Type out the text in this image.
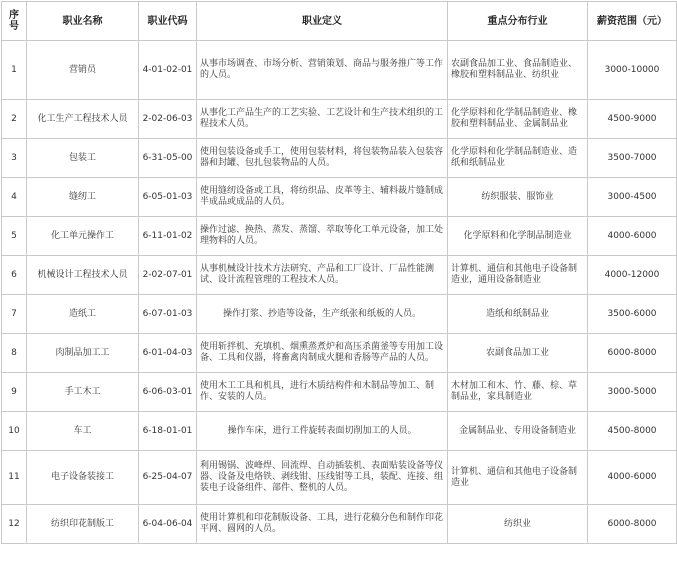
序号	职业名称	职业代码	职业定义	重点分布行业	薪资范围（元）
1	营销员	4-01-02-01	从事市场调查、市场分析、营销策划、商品与服务推广等工作的人员。	农副食品加工业、食品制造业、橡胶和塑料制品业、纺织业	3000-10000
2	化工生产工程技术人员	2-02-06-03	从事化工产品生产的工艺实验、工艺设计和生产技术组织的工程技术人员。	化学原料和化学制品制造业、橡胶和塑料制品业、金属制品业	4500-9000
3	包装工	6-31-05-00	使用包装设备或手工，使用包装材料，将包装物品装入包装容器和封罐、包扎包装物品的人员。	化学原料和化学制品制造业、造纸和纸制品业	3500-7000
4	缝纫工	6-05-01-03	使用缝纫设备或工具，将纺织品、皮革等主、辅料裁片缝制成半成品或成品的人员。	纺织服装、服饰业	3000-4500
5	化工单元操作工	6-11-01-02	操作过滤、换热、蒸发、蒸馏、萃取等化工单元设备，加工处理物料的人员。	化学原料和化学制品制造业	4000-6000
6	机械设计工程技术人员	2-02-07-01	从事机械设计技术方法研究、产品和工厂设计、厂品性能测试、设计流程管理的工程技术人员。	计算机、通信和其他电子设备制造业，通用设备制造业	4000-12000
7	造纸工	6-07-01-03	操作打浆、抄造等设备，生产纸张和纸板的人员。	造纸和纸制品业	3500-6000
8	肉制品加工工	6-01-04-03	使用斩拌机、充填机、烟熏蒸煮炉和高压杀菌釜等专用加工设备、工具和仪器，将畜禽肉制成火腿和香肠等产品的人员。	农副食品加工业	6000-8000
9	手工木工	6-06-03-01	使用木工工具和机具，进行木质结构件和木制品等加工、制作、安装的人员。	木材加工和木、竹、藤、棕、草制品业，家具制造业	3000-5000
10	车工	6-18-01-01	操作车床，进行工件旋转表面切削加工的人员。	金属制品业、专用设备制造业	4500-8000
11	电子设备装接工	6-25-04-07	利用锡锅、波峰焊、回流焊、自动插装机、表面贴装设备等仪器、设备及电烙铁、剥线钳、压线钳等工具，装配、连接、组装电子设备组件、部件、整机的人员。	计算机、通信和其他电子设备制造业	4000-6000
12	纺织印花制版工	6-04-06-04	使用计算机和印花制版设备、工具，进行花稿分色和制作印花平网、圆网的人员。	纺织业	6000-8000
